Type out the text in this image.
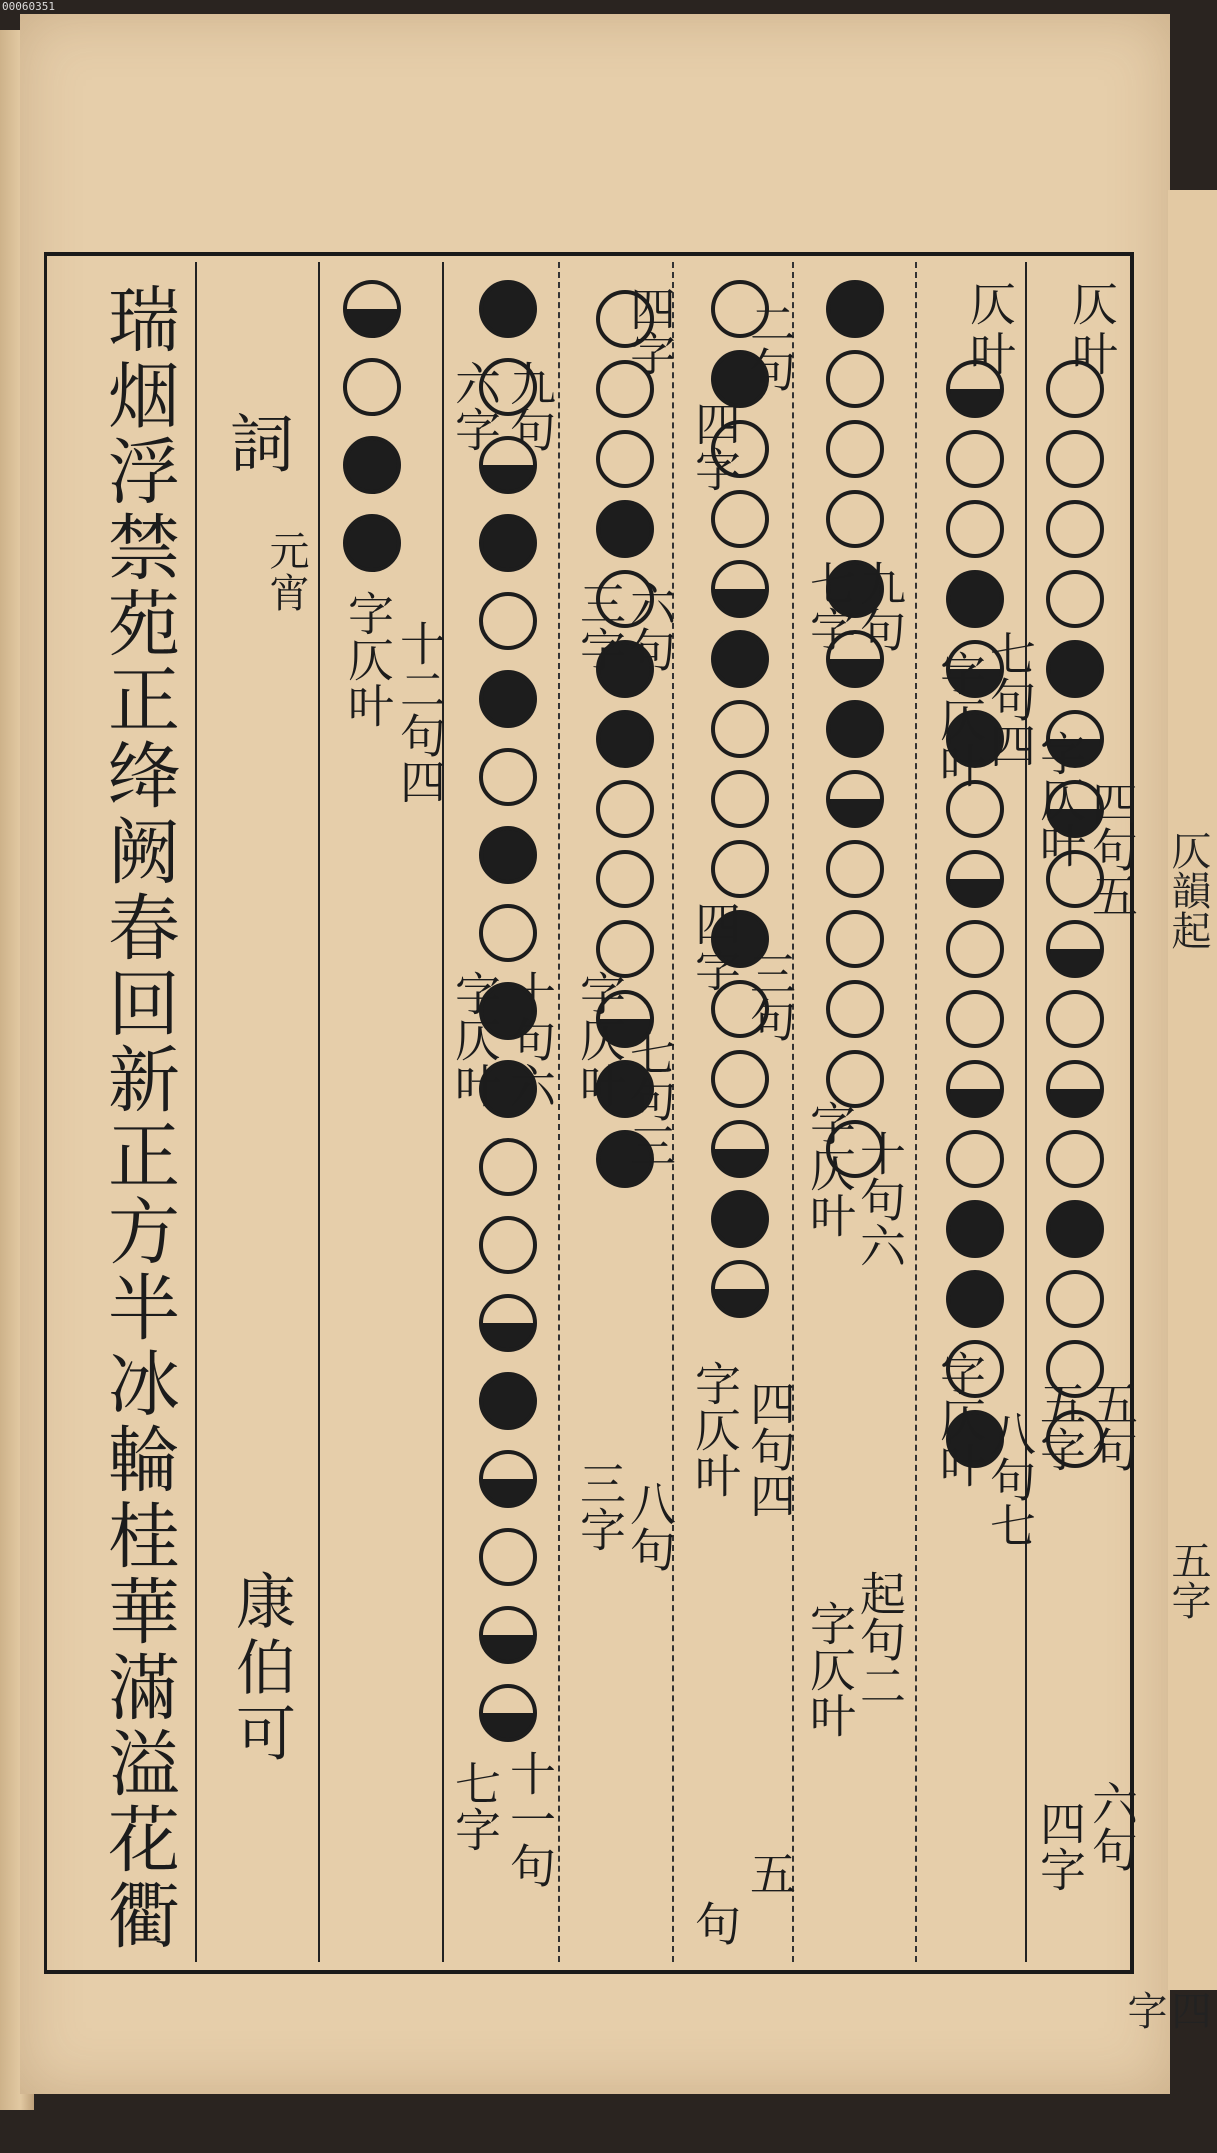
00060351
仄韻起
五字
四字
瑞烟浮禁苑正绛阙春回新正方半冰輪桂華滿溢花衢 詞
元宵
康伯可
仄
叶
四句五
字仄叶
五句
五字
六句
四字
仄
叶
七句四
字仄叶
八句七
字仄叶
九句
七字
十句六
字仄叶
起句二
字仄叶
二句
四字
三句
四字
四句四
字仄叶
五
句
四
字
六句
三字
七句三
字仄叶
八句
三字
九句
六字
十二句四
字仄叶
十句六
字仄叶
十一句
七字
